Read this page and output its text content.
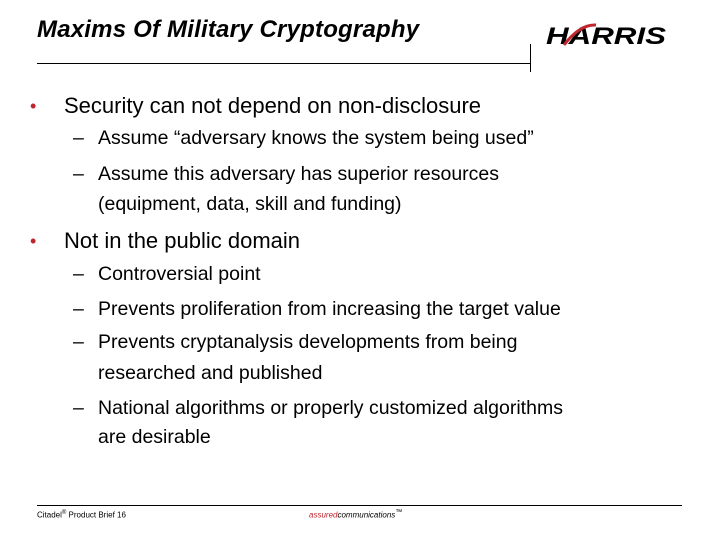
Maxims Of Military Cryptography	HARRIS
• Security can not depend on non-disclosure
– Assume “adversary knows the system being used”
– Assume this adversary has superior resources
(equipment, data, skill and funding)
• Not in the public domain
– Controversial point
– Prevents proliferation from increasing the target value
– Prevents cryptanalysis developments from being
researched and published
– National algorithms or properly customized algorithms
are desirable
Citadel® Product Brief 16	assuredcommunications™
